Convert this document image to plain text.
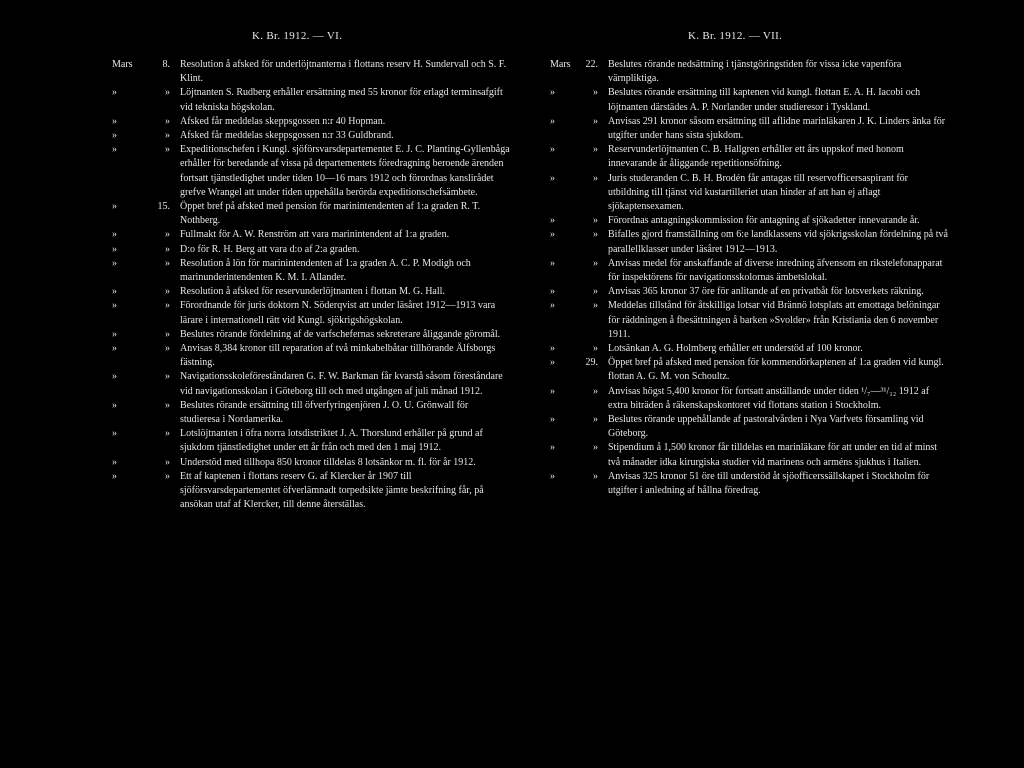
K. Br. 1912. — VI.	K. Br. 1912. — VII.
Mars	8.	Resolution å afsked för underlöjtnanterna i flottans reserv H. Sundervall och S. F. Klint.
»	»	Löjtnanten S. Rudberg erhåller ersättning med 55 kronor för erlagd terminsafgift vid tekniska högskolan.
»	»	Afsked får meddelas skeppsgossen n:r 40 Hopman.
»	»	Afsked får meddelas skeppsgossen n:r 33 Guldbrand.
»	»	Expeditionschefen i Kungl. sjöförsvarsdepartementet E. J. C. Planting-Gyllenbåga erhåller för beredande af vissa på departementets föredragning beroende ärenden fortsatt tjänstledighet under tiden 10—16 mars 1912 och förordnas kanslirådet grefve Wrangel att under tiden uppehålla berörda expeditionschefsämbete.
»	15.	Öppet bref på afsked med pension för marinintendenten af 1:a graden R. T. Nothberg.
»	»	Fullmakt för A. W. Renström att vara marinintendent af 1:a graden.
»	»	D:o för R. H. Berg att vara d:o af 2:a graden.
»	»	Resolution å lön för marinintendenten af 1:a graden A. C. P. Modigh och marinunderintendenten K. M. I. Allander.
»	»	Resolution å afsked för reservunderlöjtnanten i flottan M. G. Hall.
»	»	Förordnande för juris doktorn N. Söderqvist att under läsåret 1912—1913 vara lärare i internationell rätt vid Kungl. sjökrigshögskolan.
»	»	Beslutes rörande fördelning af de varfschefernas sekreterare åliggande göromål.
»	»	Anvisas 8,384 kronor till reparation af två minkabelbåtar tillhörande Älfsborgs fästning.
»	»	Navigationsskoleföreståndaren G. F. W. Barkman får kvarstå såsom föreståndare vid navigationsskolan i Göteborg till och med utgången af juli månad 1912.
»	»	Beslutes rörande ersättning till öfverfyringenjören J. O. U. Grönwall för studieresa i Nordamerika.
»	»	Lotslöjtnanten i öfra norra lotsdistriktet J. A. Thorslund erhåller på grund af sjukdom tjänstledighet under ett år från och med den 1 maj 1912.
»	»	Understöd med tillhopa 850 kronor tilldelas 8 lotsänkor m. fl. för år 1912.
»	»	Ett af kaptenen i flottans reserv G. af Klercker år 1907 till sjöförsvarsdepartementet öfverlämnadt torpedsikte jämte beskrifning får, på ansökan utaf af Klercker, till denne återställas.
Mars	22.	Beslutes rörande nedsättning i tjänstgöringstiden för vissa icke vapenföra värnpliktiga.
»	»	Beslutes rörande ersättning till kaptenen vid kungl. flottan E. A. H. Iacobi och löjtnanten därstädes A. P. Norlander under studieresor i Tyskland.
»	»	Anvisas 291 kronor såsom ersättning till aflidne marinläkaren J. K. Linders änka för utgifter under hans sista sjukdom.
»	»	Reservunderlöjtnanten C. B. Hallgren erhåller ett års uppskof med honom innevarande år åliggande repetitionsöfning.
»	»	Juris studeranden C. B. H. Brodén får antagas till reservofficersaspirant för utbildning till tjänst vid kustartilleriet utan hinder af att han ej aflagt sjökaptensexamen.
»	»	Förordnas antagningskommission för antagning af sjökadetter innevarande år.
»	»	Bifalles gjord framställning om 6:e landklassens vid sjökrigsskolan fördelning på två parallellklasser under läsåret 1912—1913.
»	»	Anvisas medel för anskaffande af diverse inredning äfvensom en rikstelefonapparat för inspektörens för navigationsskolornas ämbetslokal.
»	»	Anvisas 365 kronor 37 öre för anlitande af en privatbåt för lotsverkets räkning.
»	»	Meddelas tillstånd för åtskilliga lotsar vid Brännö lotsplats att emottaga belöningar för räddningen å fbesättningen å barken »Svolder» från Kristiania den 6 november 1911.
»	»	Lotsänkan A. G. Holmberg erhåller ett understöd af 100 kronor.
»	29.	Öppet bref på afsked med pension för kommendörkaptenen af 1:a graden vid kungl. flottan A. G. M. von Schoultz.
»	»	Anvisas högst 5,400 kronor för fortsatt anställande under tiden ¹/₇—³¹/₁₂ 1912 af extra biträden å räkenskapskontoret vid flottans station i Stockholm.
»	»	Beslutes rörande uppehållande af pastoralvården i Nya Varfvets församling vid Göteborg.
»	»	Stipendium å 1,500 kronor får tilldelas en marinläkare för att under en tid af minst två månader idka kirurgiska studier vid marinens och arméns sjukhus i Italien.
»	»	Anvisas 325 kronor 51 öre till understöd åt sjöofficerssällskapet i Stockholm för utgifter i anledning af hållna föredrag.
